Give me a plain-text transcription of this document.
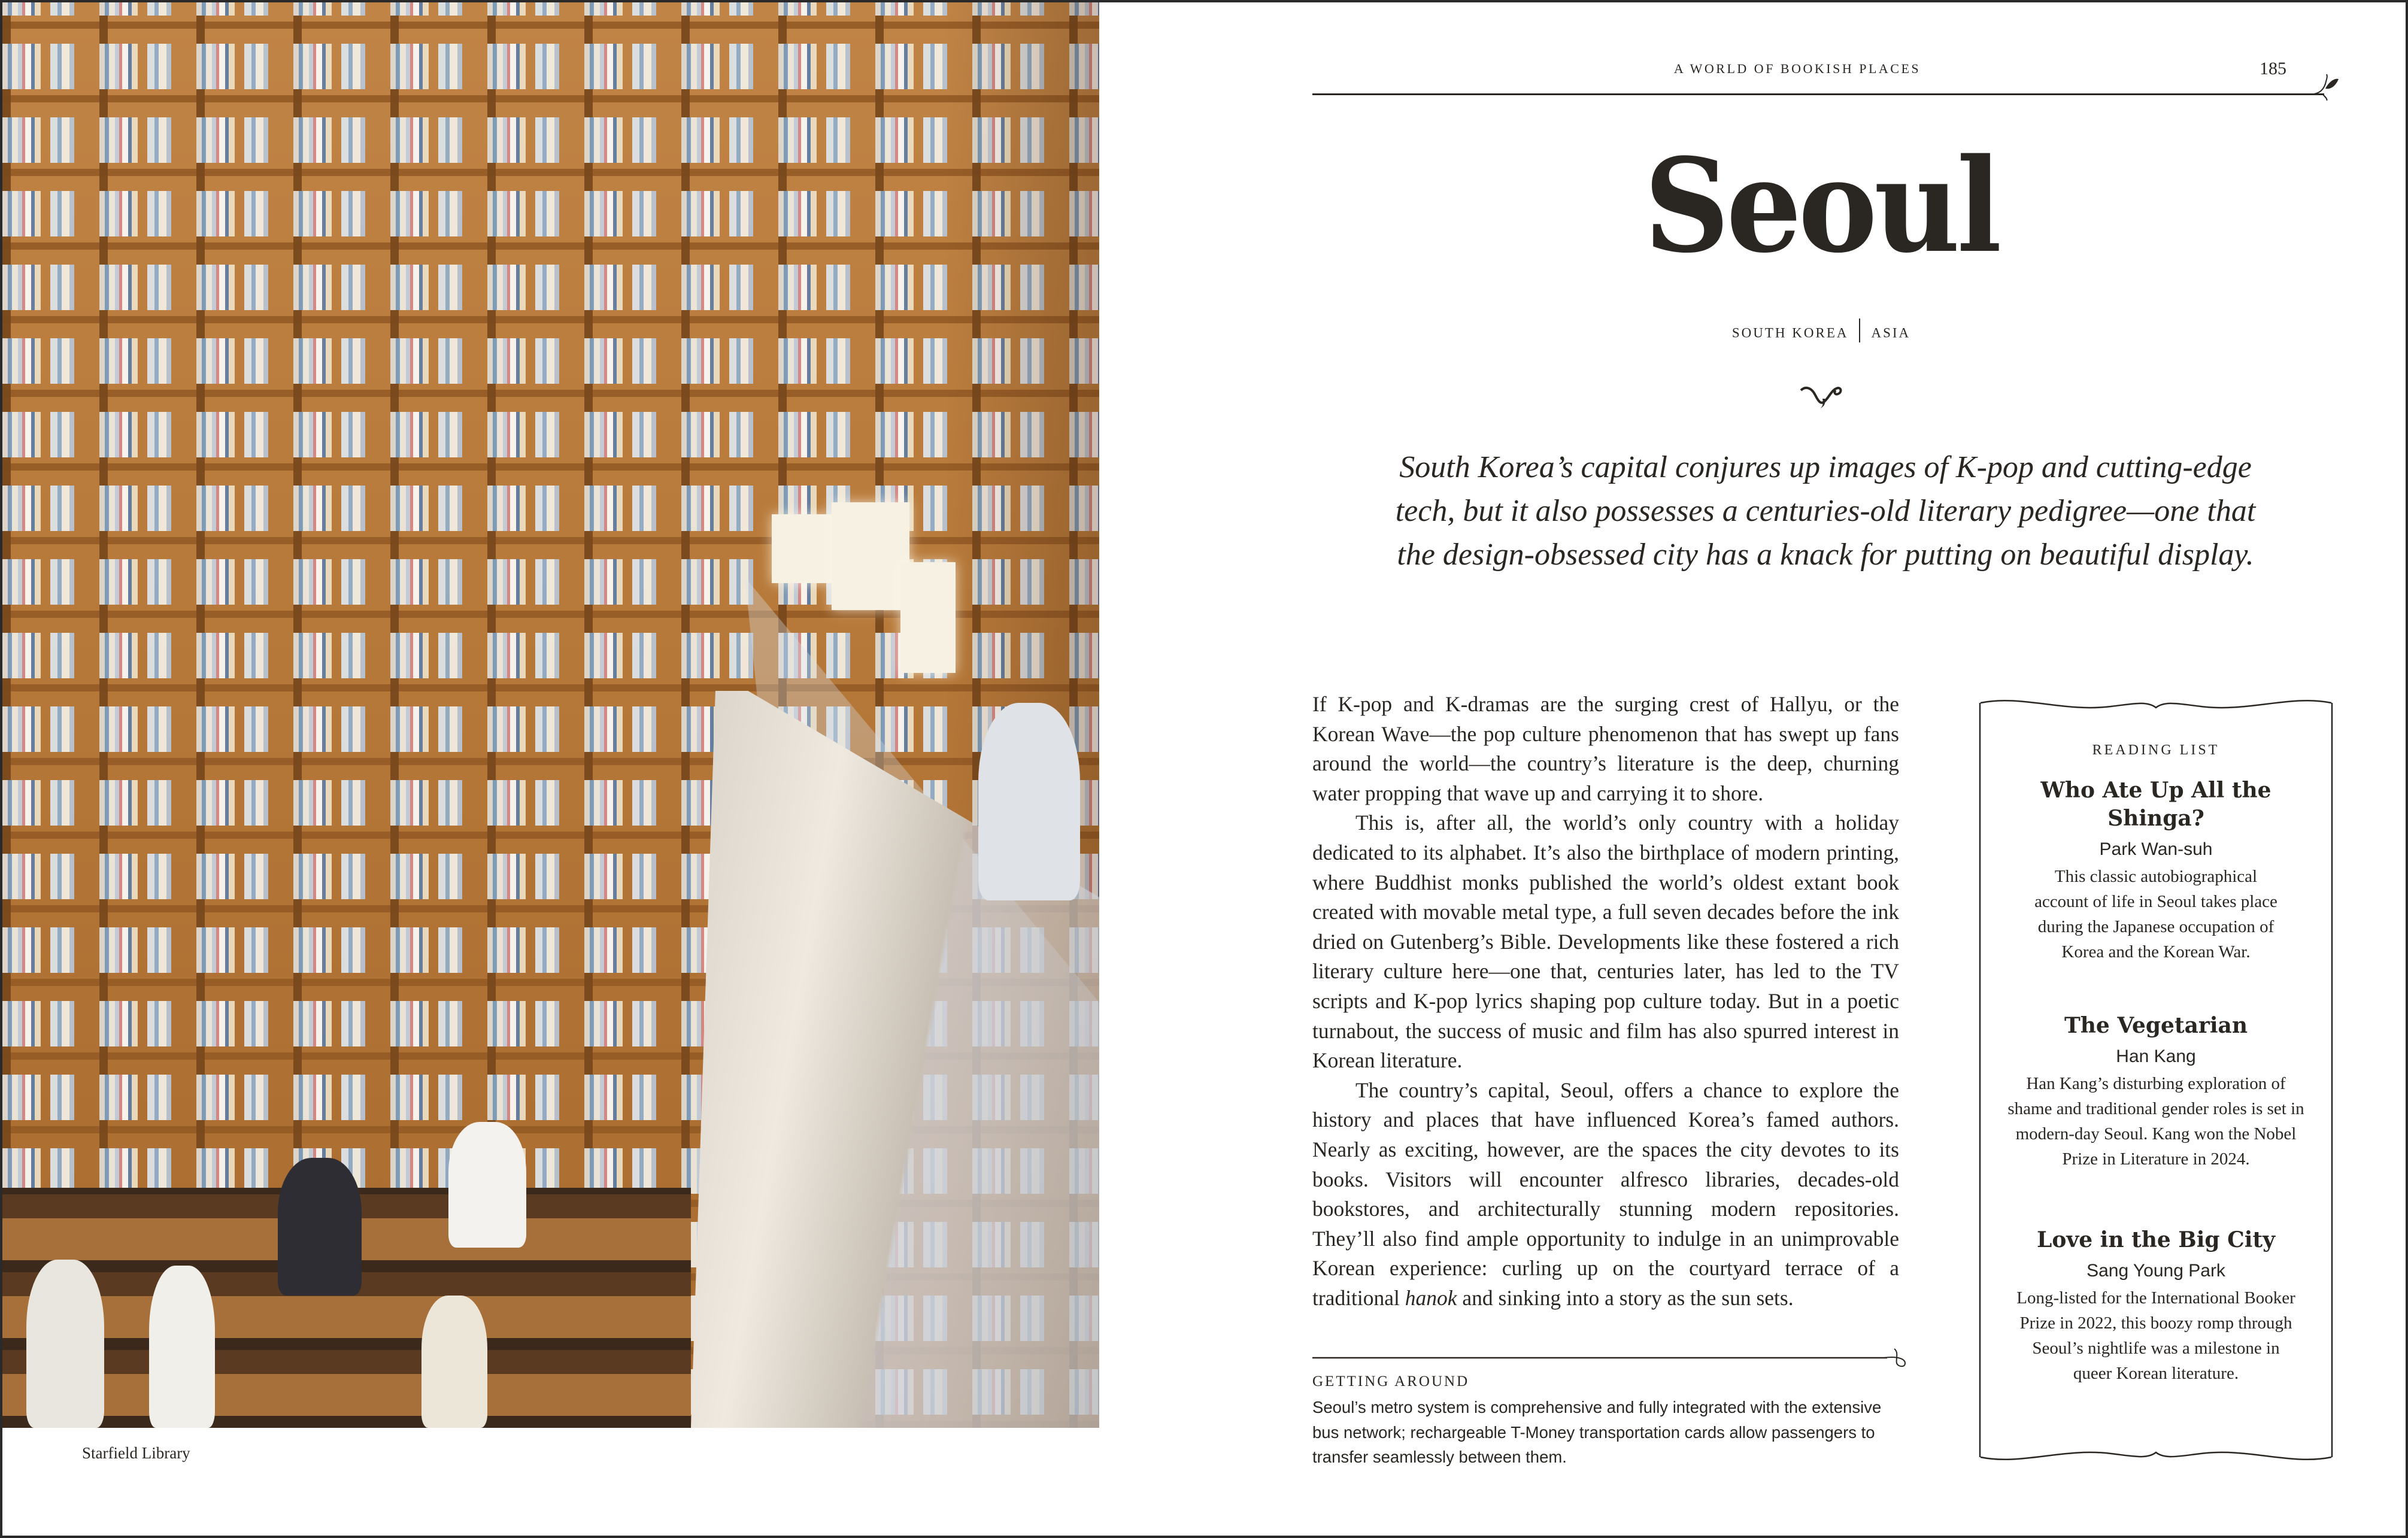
Starfield Library
A WORLD OF BOOKISH PLACES	185
Seoul
SOUTH KOREA ASIA
South Korea’s capital conjures up images of K-pop and cutting-edge tech, but it also possesses a centuries-old literary pedigree—one that the design-obsessed city has a knack for putting on beautiful display.

If K-pop and K-dramas are the surging crest of Hallyu, or the Korean Wave—the pop culture phenomenon that has swept up fans around the world—the country’s literature is the deep, churning water propping that wave up and carrying it to shore.

This is, after all, the world’s only country with a holiday dedicated to its alphabet. It’s also the birthplace of modern printing, where Buddhist monks published the world’s oldest extant book created with movable metal type, a full seven decades before the ink dried on Gutenberg’s Bible. Developments like these fostered a rich literary culture here—one that, centuries later, has led to the TV scripts and K-pop lyrics shaping pop culture today. But in a poetic turnabout, the success of music and film has also spurred interest in Korean literature.

The country’s capital, Seoul, offers a chance to explore the history and places that have influenced Korea’s famed authors. Nearly as exciting, however, are the spaces the city devotes to its books. Visitors will encounter alfresco libraries, decades-old bookstores, and architecturally stunning modern repositories. They’ll also find ample opportunity to indulge in an unimprovable Korean experience: curling up on the courtyard terrace of a traditional hanok and sinking into a story as the sun sets.

GETTING AROUND
Seoul’s metro system is comprehensive and fully integrated with the extensive bus network; rechargeable T-Money transportation cards allow passengers to transfer seamlessly between them.
READING LIST
Who Ate Up All the Shinga?
Park Wan-suh
This classic autobiographical account of life in Seoul takes place during the Japanese occupation of Korea and the Korean War.
The Vegetarian
Han Kang
Han Kang’s disturbing exploration of shame and traditional gender roles is set in modern-day Seoul. Kang won the Nobel Prize in Literature in 2024.
Love in the Big City
Sang Young Park
Long-listed for the International Booker Prize in 2022, this boozy romp through Seoul’s nightlife was a milestone in queer Korean literature.
